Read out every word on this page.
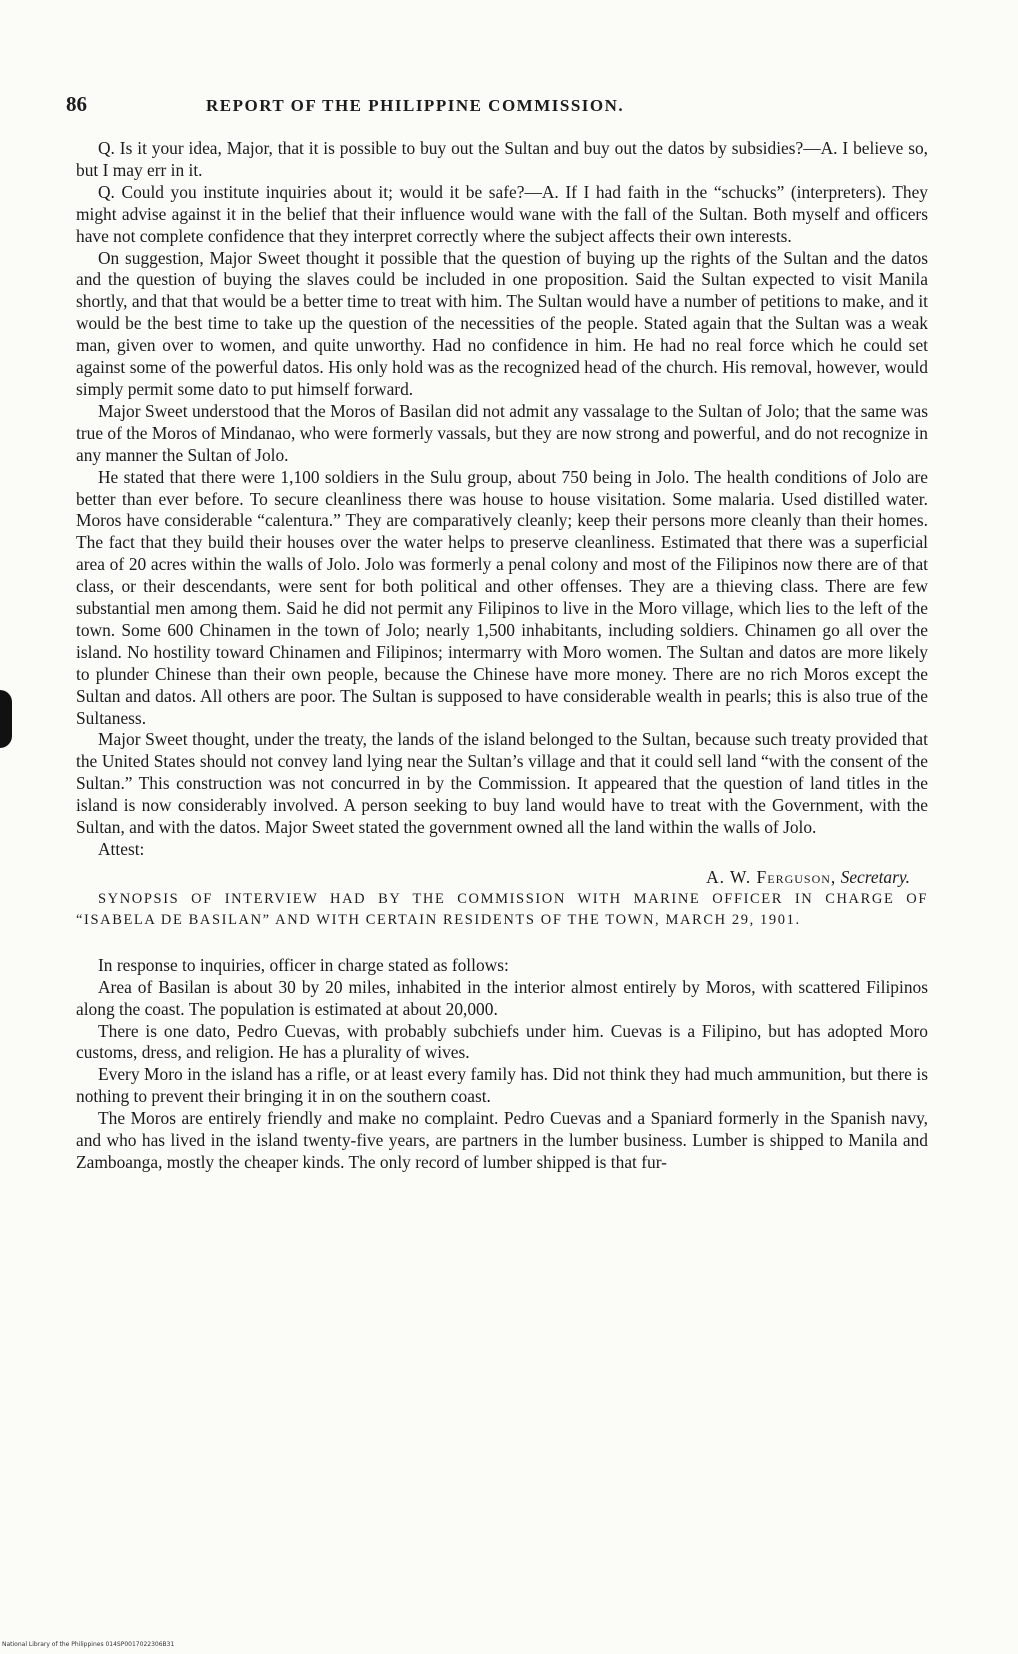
86	REPORT OF THE PHILIPPINE COMMISSION.

Q. Is it your idea, Major, that it is possible to buy out the Sultan and buy out the datos by subsidies?—A. I believe so, but I may err in it.

Q. Could you institute inquiries about it; would it be safe?—A. If I had faith in the “schucks” (interpreters). They might advise against it in the belief that their influence would wane with the fall of the Sultan. Both myself and officers have not complete confidence that they interpret correctly where the subject affects their own interests.

On suggestion, Major Sweet thought it possible that the question of buying up the rights of the Sultan and the datos and the question of buying the slaves could be included in one proposition. Said the Sultan expected to visit Manila shortly, and that that would be a better time to treat with him. The Sultan would have a number of petitions to make, and it would be the best time to take up the question of the necessities of the people. Stated again that the Sultan was a weak man, given over to women, and quite unworthy. Had no confidence in him. He had no real force which he could set against some of the powerful datos. His only hold was as the recognized head of the church. His removal, however, would simply permit some dato to put himself forward.

Major Sweet understood that the Moros of Basilan did not admit any vassalage to the Sultan of Jolo; that the same was true of the Moros of Mindanao, who were formerly vassals, but they are now strong and powerful, and do not recognize in any manner the Sultan of Jolo.

He stated that there were 1,100 soldiers in the Sulu group, about 750 being in Jolo. The health conditions of Jolo are better than ever before. To secure cleanliness there was house to house visitation. Some malaria. Used distilled water. Moros have considerable “calentura.” They are comparatively cleanly; keep their persons more cleanly than their homes. The fact that they build their houses over the water helps to preserve cleanliness. Estimated that there was a superficial area of 20 acres within the walls of Jolo. Jolo was formerly a penal colony and most of the Filipinos now there are of that class, or their descendants, were sent for both political and other offenses. They are a thieving class. There are few substantial men among them. Said he did not permit any Filipinos to live in the Moro village, which lies to the left of the town. Some 600 Chinamen in the town of Jolo; nearly 1,500 inhabitants, including soldiers. Chinamen go all over the island. No hostility toward Chinamen and Filipinos; intermarry with Moro women. The Sultan and datos are more likely to plunder Chinese than their own people, because the Chinese have more money. There are no rich Moros except the Sultan and datos. All others are poor. The Sultan is supposed to have considerable wealth in pearls; this is also true of the Sultaness.

Major Sweet thought, under the treaty, the lands of the island belonged to the Sultan, because such treaty provided that the United States should not convey land lying near the Sultan’s village and that it could sell land “with the consent of the Sultan.” This construction was not concurred in by the Commission. It appeared that the question of land titles in the island is now considerably involved. A person seeking to buy land would have to treat with the Government, with the Sultan, and with the datos. Major Sweet stated the government owned all the land within the walls of Jolo.

Attest:

A. W. Ferguson, Secretary.

SYNOPSIS OF INTERVIEW HAD BY THE COMMISSION WITH MARINE OFFICER IN CHARGE OF “ISABELA DE BASILAN” AND WITH CERTAIN RESIDENTS OF THE TOWN, MARCH 29, 1901.

In response to inquiries, officer in charge stated as follows:

Area of Basilan is about 30 by 20 miles, inhabited in the interior almost entirely by Moros, with scattered Filipinos along the coast. The population is estimated at about 20,000.

There is one dato, Pedro Cuevas, with probably subchiefs under him. Cuevas is a Filipino, but has adopted Moro customs, dress, and religion. He has a plurality of wives.

Every Moro in the island has a rifle, or at least every family has. Did not think they had much ammunition, but there is nothing to prevent their bringing it in on the southern coast.

The Moros are entirely friendly and make no complaint. Pedro Cuevas and a Spaniard formerly in the Spanish navy, and who has lived in the island twenty-five years, are partners in the lumber business. Lumber is shipped to Manila and Zamboanga, mostly the cheaper kinds. The only record of lumber shipped is that fur-

National Library of the Philippines 014SP0017022306B31
